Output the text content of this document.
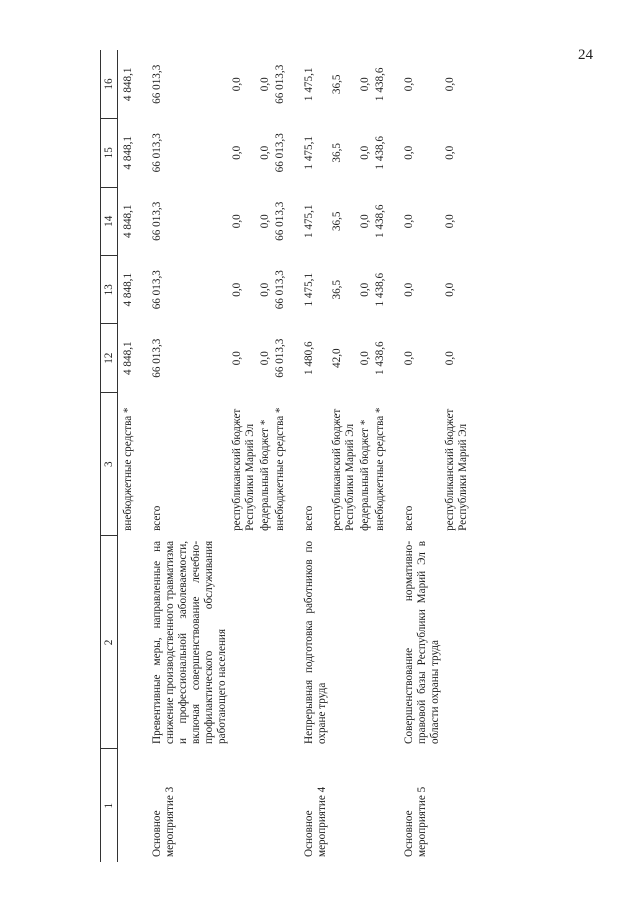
24
1	2	3	12	13	14	15	16
		внебюджетные средства *	4 848,1	4 848,1	4 848,1	4 848,1	4 848,1
Основное мероприятие 3	Превентивные меры, направленные на снижение производственного травматизма и профессиональной заболеваемости, включая совершенствование лечебно-профилактического обслуживания работающего населения	всего	66 013,3	66 013,3	66 013,3	66 013,3	66 013,3
		республиканский бюджет Республики Марий Эл	0,0	0,0	0,0	0,0	0,0
		федеральный бюджет *	0,0	0,0	0,0	0,0	0,0
		внебюджетные средства *	66 013,3	66 013,3	66 013,3	66 013,3	66 013,3
Основное мероприятие 4	Непрерывная подготовка работников по охране труда	всего	1 480,6	1 475,1	1 475,1	1 475,1	1 475,1
		республиканский бюджет Республики Марий Эл	42,0	36,5	36,5	36,5	36,5
		федеральный бюджет *	0,0	0,0	0,0	0,0	0,0
		внебюджетные средства *	1 438,6	1 438,6	1 438,6	1 438,6	1 438,6
Основное мероприятие 5	Совершенствование нормативно-правовой базы Республики Марий Эл в области охраны труда	всего	0,0	0,0	0,0	0,0	0,0
		республиканский бюджет Республики Марий Эл	0,0	0,0	0,0	0,0	0,0
